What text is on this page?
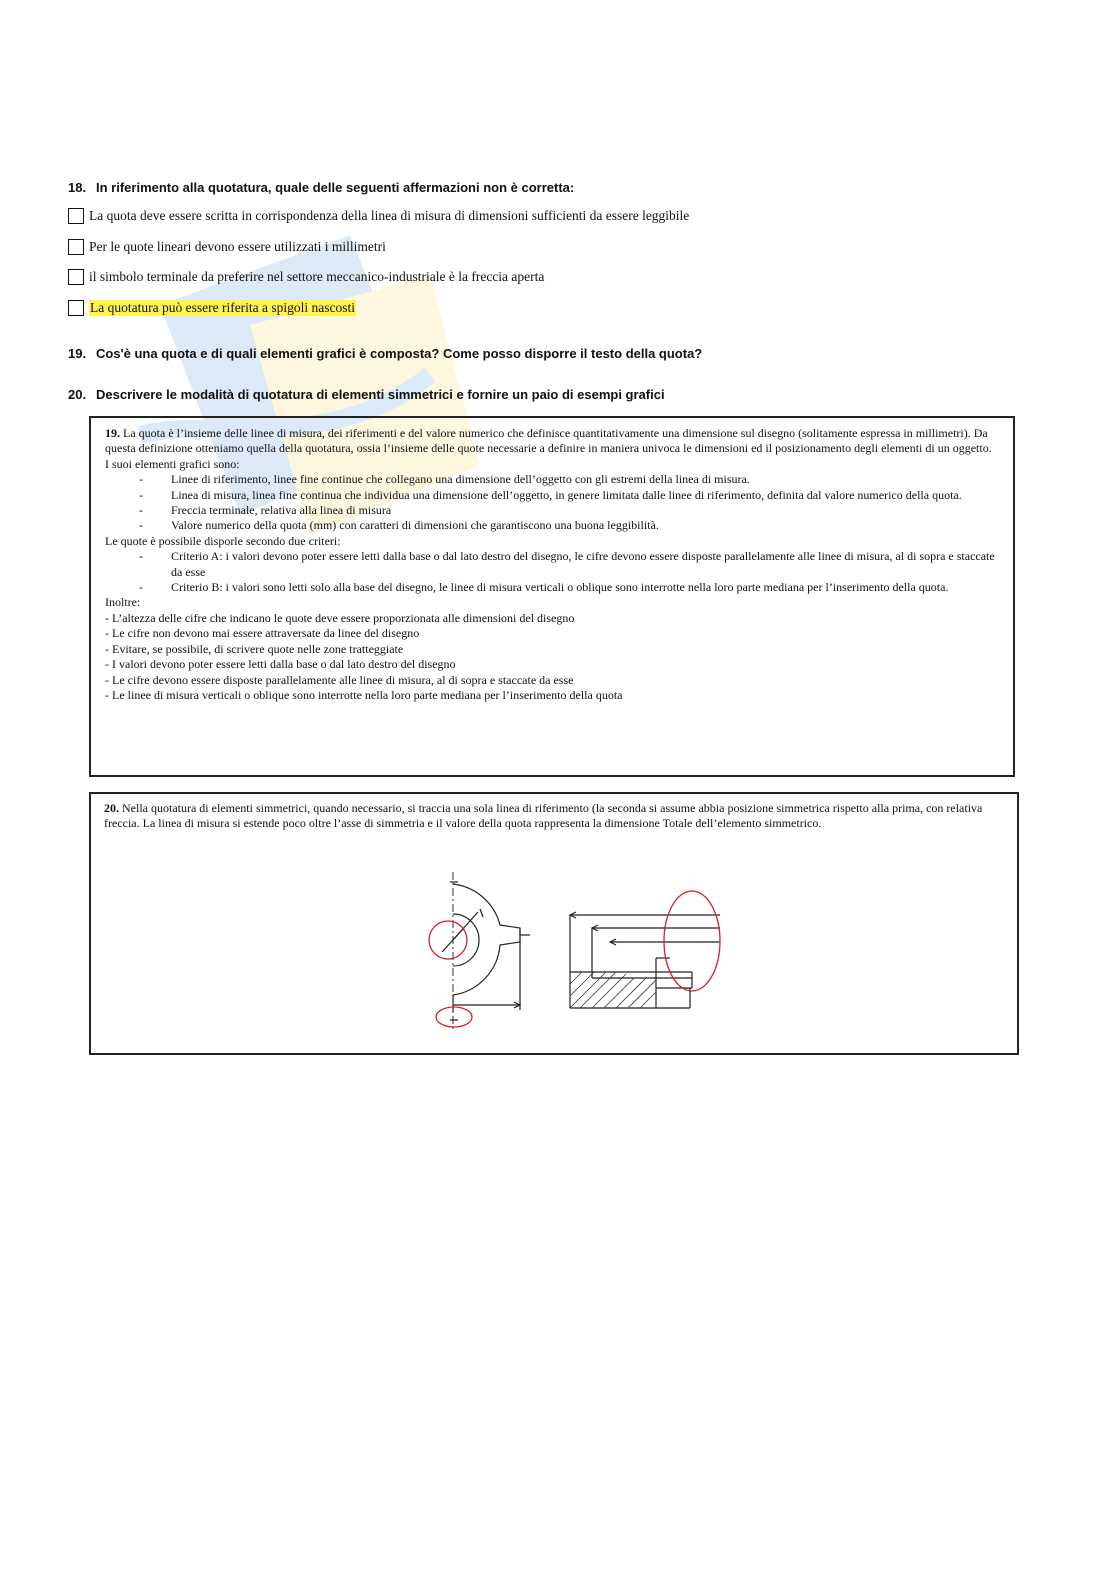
18. In riferimento alla quotatura, quale delle seguenti affermazioni non è corretta:
La quota deve essere scritta in corrispondenza della linea di misura di dimensioni sufficienti da essere leggibile
Per le quote lineari devono essere utilizzati i millimetri
il simbolo terminale da preferire nel settore meccanico-industriale è la freccia aperta
La quotatura può essere riferita a spigoli nascosti
19. Cos'è una quota e di quali elementi grafici è composta? Come posso disporre il testo della quota?
20. Descrivere le modalità di quotatura di elementi simmetrici e fornire un paio di esempi grafici

19. La quota è l’insieme delle linee di misura, dei riferimenti e del valore numerico che definisce quantitativamente una dimensione sul disegno (solitamente espressa in millimetri). Da questa definizione otteniamo quella della quotatura, ossia l’insieme delle quote necessarie a definire in maniera univoca le dimensioni ed il posizionamento degli elementi di un oggetto.

I suoi elementi grafici sono:

- Linee di riferimento, linee fine continue che collegano una dimensione dell’oggetto con gli estremi della linea di misura.

- Linea di misura, linea fine continua che individua una dimensione dell’oggetto, in genere limitata dalle linee di riferimento, definita dal valore numerico della quota.

- Freccia terminale, relativa alla linea di misura

- Valore numerico della quota (mm) con caratteri di dimensioni che garantiscono una buona leggibilità.

Le quote è possibile disporle secondo due criteri:

- Criterio A: i valori devono poter essere letti dalla base o dal lato destro del disegno, le cifre devono essere disposte parallelamente alle linee di misura, al di sopra e staccate da esse

- Criterio B: i valori sono letti solo alla base del disegno, le linee di misura verticali o oblique sono interrotte nella loro parte mediana per l’inserimento della quota.

Inoltre:

- L’altezza delle cifre che indicano le quote deve essere proporzionata alle dimensioni del disegno

- Le cifre non devono mai essere attraversate da linee del disegno

- Evitare, se possibile, di scrivere quote nelle zone tratteggiate

- I valori devono poter essere letti dalla base o dal lato destro del disegno

- Le cifre devono essere disposte parallelamente alle linee di misura, al di sopra e staccate da esse

- Le linee di misura verticali o oblique sono interrotte nella loro parte mediana per l’inserimento della quota

20. Nella quotatura di elementi simmetrici, quando necessario, si traccia una sola linea di riferimento (la seconda si assume abbia posizione simmetrica rispetto alla prima, con relativa freccia. La linea di misura si estende poco oltre l’asse di simmetria e il valore della quota rappresenta la dimensione Totale dell’elemento simmetrico.
